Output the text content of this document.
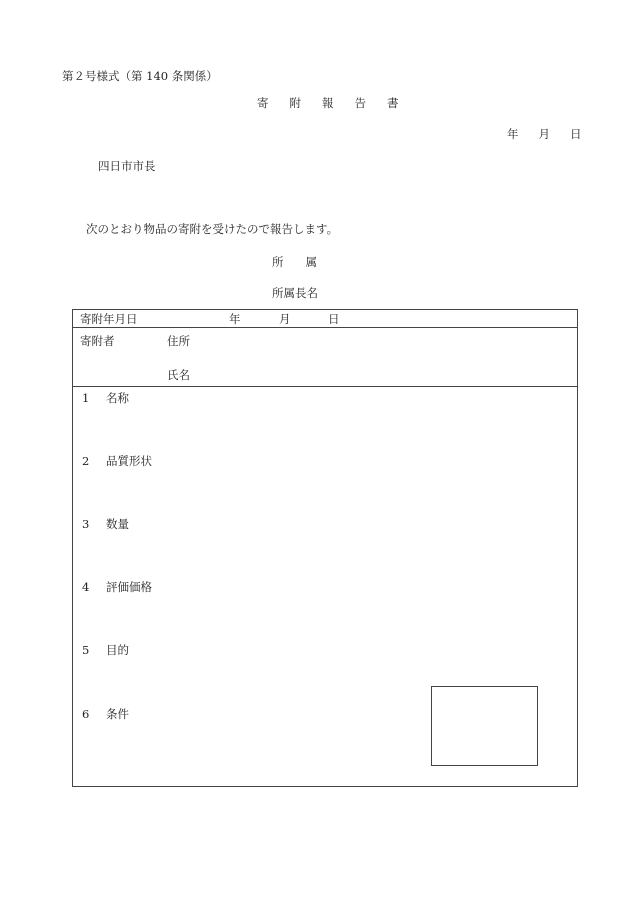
第２号様式（第 140 条関係）
寄 附 報 告 書
年 月 日
四日市市長
次のとおり物品の寄附を受けたので報告します。
所 属
所属長名
寄附年月日	年	月	日
寄附者	住所
氏名
1 名称
2 品質形状
3 数量
4 評価価格
5 目的
6 条件
